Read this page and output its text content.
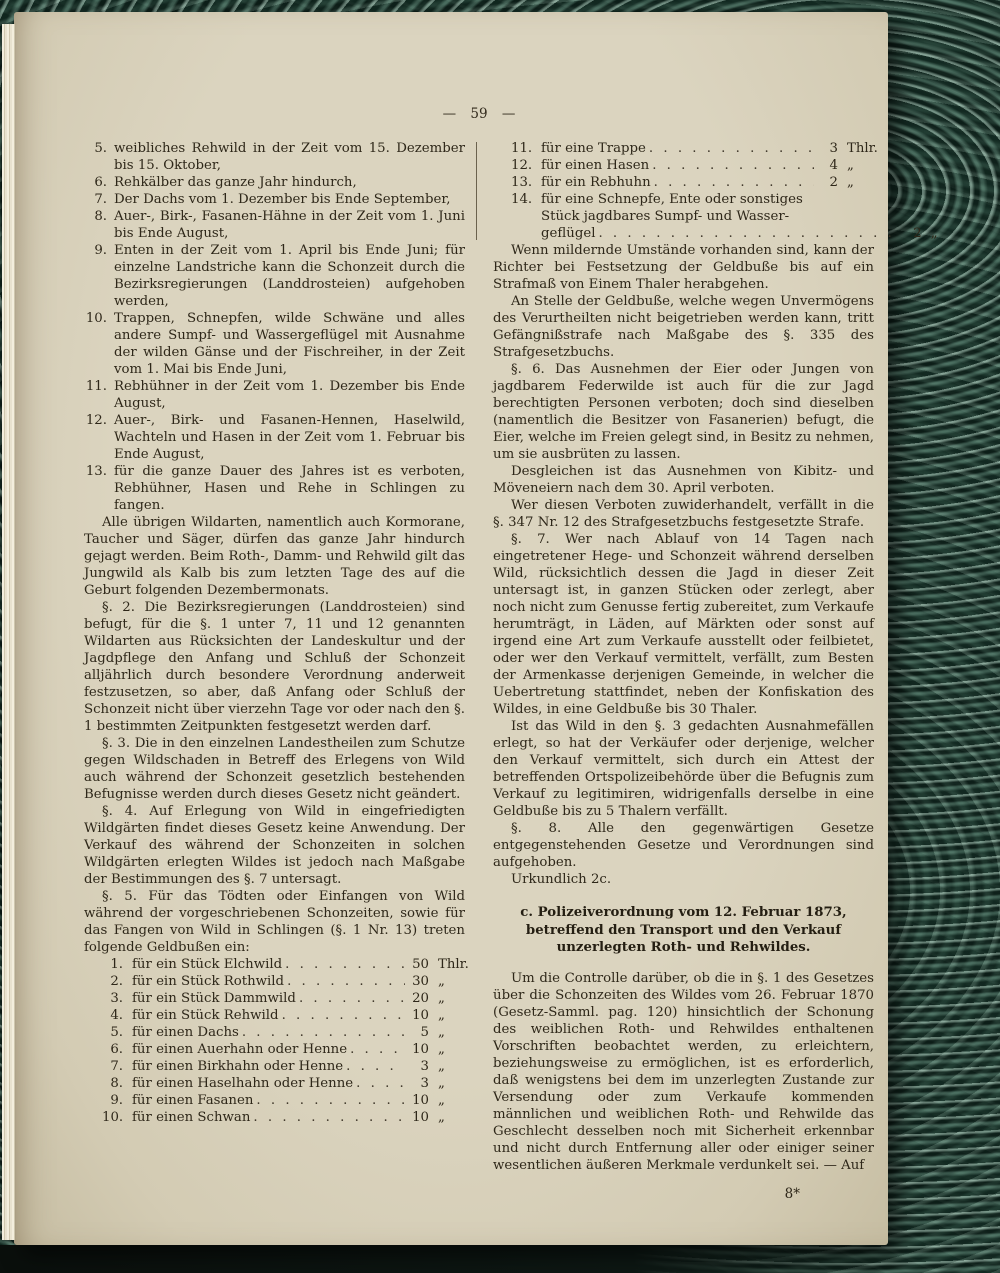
— 59 —
5. weibliches Rehwild in der Zeit vom 15. Dezember bis 15. Oktober,
6. Rehkälber das ganze Jahr hindurch,
7. Der Dachs vom 1. Dezember bis Ende September,
8. Auer-, Birk-, Fasanen-Hähne in der Zeit vom 1. Juni bis Ende August,
9. Enten in der Zeit vom 1. April bis Ende Juni; für einzelne Landstriche kann die Schonzeit durch die Bezirksregierungen (Landdrosteien) aufgehoben werden,
10. Trappen, Schnepfen, wilde Schwäne und alles andere Sumpf- und Wassergeflügel mit Ausnahme der wilden Gänse und der Fischreiher, in der Zeit vom 1. Mai bis Ende Juni,
11. Rebhühner in der Zeit vom 1. Dezember bis Ende August,
12. Auer-, Birk- und Fasanen-Hennen, Haselwild, Wachteln und Hasen in der Zeit vom 1. Februar bis Ende August,
13. für die ganze Dauer des Jahres ist es verboten, Rebhühner, Hasen und Rehe in Schlingen zu fangen.

Alle übrigen Wildarten, namentlich auch Kormorane, Taucher und Säger, dürfen das ganze Jahr hindurch gejagt werden. Beim Roth-, Damm- und Rehwild gilt das Jungwild als Kalb bis zum letzten Tage des auf die Geburt folgenden Dezembermonats.

§. 2. Die Bezirksregierungen (Landdrosteien) sind befugt, für die §. 1 unter 7, 11 und 12 genannten Wildarten aus Rücksichten der Landeskultur und der Jagdpflege den Anfang und Schluß der Schonzeit alljährlich durch besondere Verordnung anderweit festzusetzen, so aber, daß Anfang oder Schluß der Schonzeit nicht über vierzehn Tage vor oder nach den §. 1 bestimmten Zeitpunkten festgesetzt werden darf.

§. 3. Die in den einzelnen Landestheilen zum Schutze gegen Wildschaden in Betreff des Erlegens von Wild auch während der Schonzeit gesetzlich bestehenden Befugnisse werden durch dieses Gesetz nicht geändert.

§. 4. Auf Erlegung von Wild in eingefriedigten Wildgärten findet dieses Gesetz keine Anwendung. Der Verkauf des während der Schonzeiten in solchen Wildgärten erlegten Wildes ist jedoch nach Maßgabe der Bestimmungen des §. 7 untersagt.

§. 5. Für das Tödten oder Einfangen von Wild während der vorgeschriebenen Schonzeiten, sowie für das Fangen von Wild in Schlingen (§. 1 Nr. 13) treten folgende Geldbußen ein:

1. für ein Stück Elchwild . . .	50 Thlr.
2. für ein Stück Rothwild . . .	30 „
3. für ein Stück Dammwild . . .	20 „
4. für ein Stück Rehwild . . .	10 „
5. für einen Dachs . . .	5 „
6. für einen Auerhahn oder Henne . . .	10 „
7. für einen Birkhahn oder Henne . . .	3 „
8. für einen Haselhahn oder Henne . . .	3 „
9. für einen Fasanen . . .	10 „
10. für einen Schwan . . .	10 „
11. für eine Trappe . . .	3 Thlr.
12. für einen Hasen . . .	4 „
13. für ein Rebhuhn . . .	2 „
14. für eine Schnepfe, Ente oder sonstiges
Stück jagdbares Sumpf- und Wasser-
geflügel . . .	2 „

Wenn mildernde Umstände vorhanden sind, kann der Richter bei Festsetzung der Geldbuße bis auf ein Strafmaß von Einem Thaler herabgehen.

An Stelle der Geldbuße, welche wegen Unvermögens des Verurtheilten nicht beigetrieben werden kann, tritt Gefängnißstrafe nach Maßgabe des §. 335 des Strafgesetzbuchs.

§. 6. Das Ausnehmen der Eier oder Jungen von jagdbarem Federwilde ist auch für die zur Jagd berechtigten Personen verboten; doch sind dieselben (namentlich die Besitzer von Fasanerien) befugt, die Eier, welche im Freien gelegt sind, in Besitz zu nehmen, um sie ausbrüten zu lassen.

Desgleichen ist das Ausnehmen von Kibitz- und Möveneiern nach dem 30. April verboten.

Wer diesen Verboten zuwiderhandelt, verfällt in die §. 347 Nr. 12 des Strafgesetzbuchs festgesetzte Strafe.

§. 7. Wer nach Ablauf von 14 Tagen nach eingetretener Hege- und Schonzeit während derselben Wild, rücksichtlich dessen die Jagd in dieser Zeit untersagt ist, in ganzen Stücken oder zerlegt, aber noch nicht zum Genusse fertig zubereitet, zum Verkaufe herumträgt, in Läden, auf Märkten oder sonst auf irgend eine Art zum Verkaufe ausstellt oder feilbietet, oder wer den Verkauf vermittelt, verfällt, zum Besten der Armenkasse derjenigen Gemeinde, in welcher die Uebertretung stattfindet, neben der Konfiskation des Wildes, in eine Geldbuße bis 30 Thaler.

Ist das Wild in den §. 3 gedachten Ausnahmefällen erlegt, so hat der Verkäufer oder derjenige, welcher den Verkauf vermittelt, sich durch ein Attest der betreffenden Ortspolizeibehörde über die Befugnis zum Verkauf zu legitimiren, widrigenfalls derselbe in eine Geldbuße bis zu 5 Thalern verfällt.

§. 8. Alle den gegenwärtigen Gesetze entgegenstehenden Gesetze und Verordnungen sind aufgehoben.

Urkundlich 2c.

c. Polizeiverordnung vom 12. Februar 1873, betreffend den Transport und den Verkauf unzerlegten Roth- und Rehwildes.

Um die Controlle darüber, ob die in §. 1 des Gesetzes über die Schonzeiten des Wildes vom 26. Februar 1870 (Gesetz-Samml. pag. 120) hinsichtlich der Schonung des weiblichen Roth- und Rehwildes enthaltenen Vorschriften beobachtet werden, zu erleichtern, beziehungsweise zu ermöglichen, ist es erforderlich, daß wenigstens bei dem im unzerlegten Zustande zur Versendung oder zum Verkaufe kommenden männlichen und weiblichen Roth- und Rehwilde das Geschlecht desselben noch mit Sicherheit erkennbar und nicht durch Entfernung aller oder einiger seiner wesentlichen äußeren Merkmale verdunkelt sei. — Auf

8*
